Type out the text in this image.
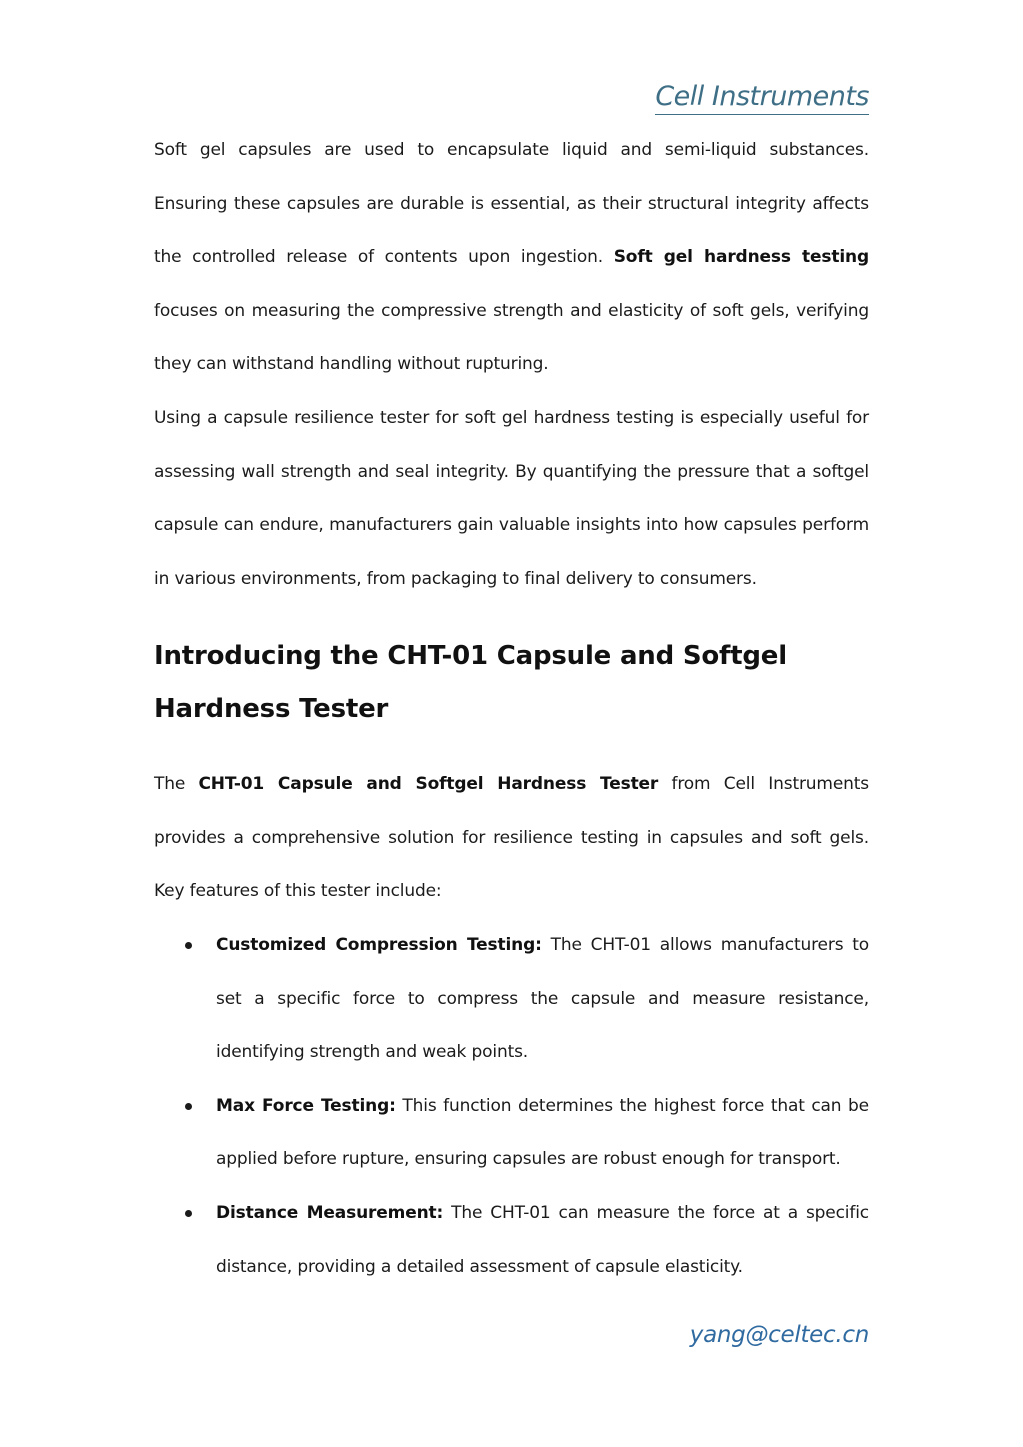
Cell Instruments

Soft gel capsules are used to encapsulate liquid and semi-liquid substances. Ensuring these capsules are durable is essential, as their structural integrity affects the controlled release of contents upon ingestion. Soft gel hardness testing focuses on measuring the compressive strength and elasticity of soft gels, verifying they can withstand handling without rupturing.

Using a capsule resilience tester for soft gel hardness testing is especially useful for assessing wall strength and seal integrity. By quantifying the pressure that a softgel capsule can endure, manufacturers gain valuable insights into how capsules perform in various environments, from packaging to final delivery to consumers.

Introducing the CHT-01 Capsule and Softgel Hardness Tester

The CHT-01 Capsule and Softgel Hardness Tester from Cell Instruments provides a comprehensive solution for resilience testing in capsules and soft gels. Key features of this tester include:

Customized Compression Testing: The CHT-01 allows manufacturers to set a specific force to compress the capsule and measure resistance, identifying strength and weak points.
Max Force Testing: This function determines the highest force that can be applied before rupture, ensuring capsules are robust enough for transport.
Distance Measurement: The CHT-01 can measure the force at a specific distance, providing a detailed assessment of capsule elasticity.
yang@celtec.cn
